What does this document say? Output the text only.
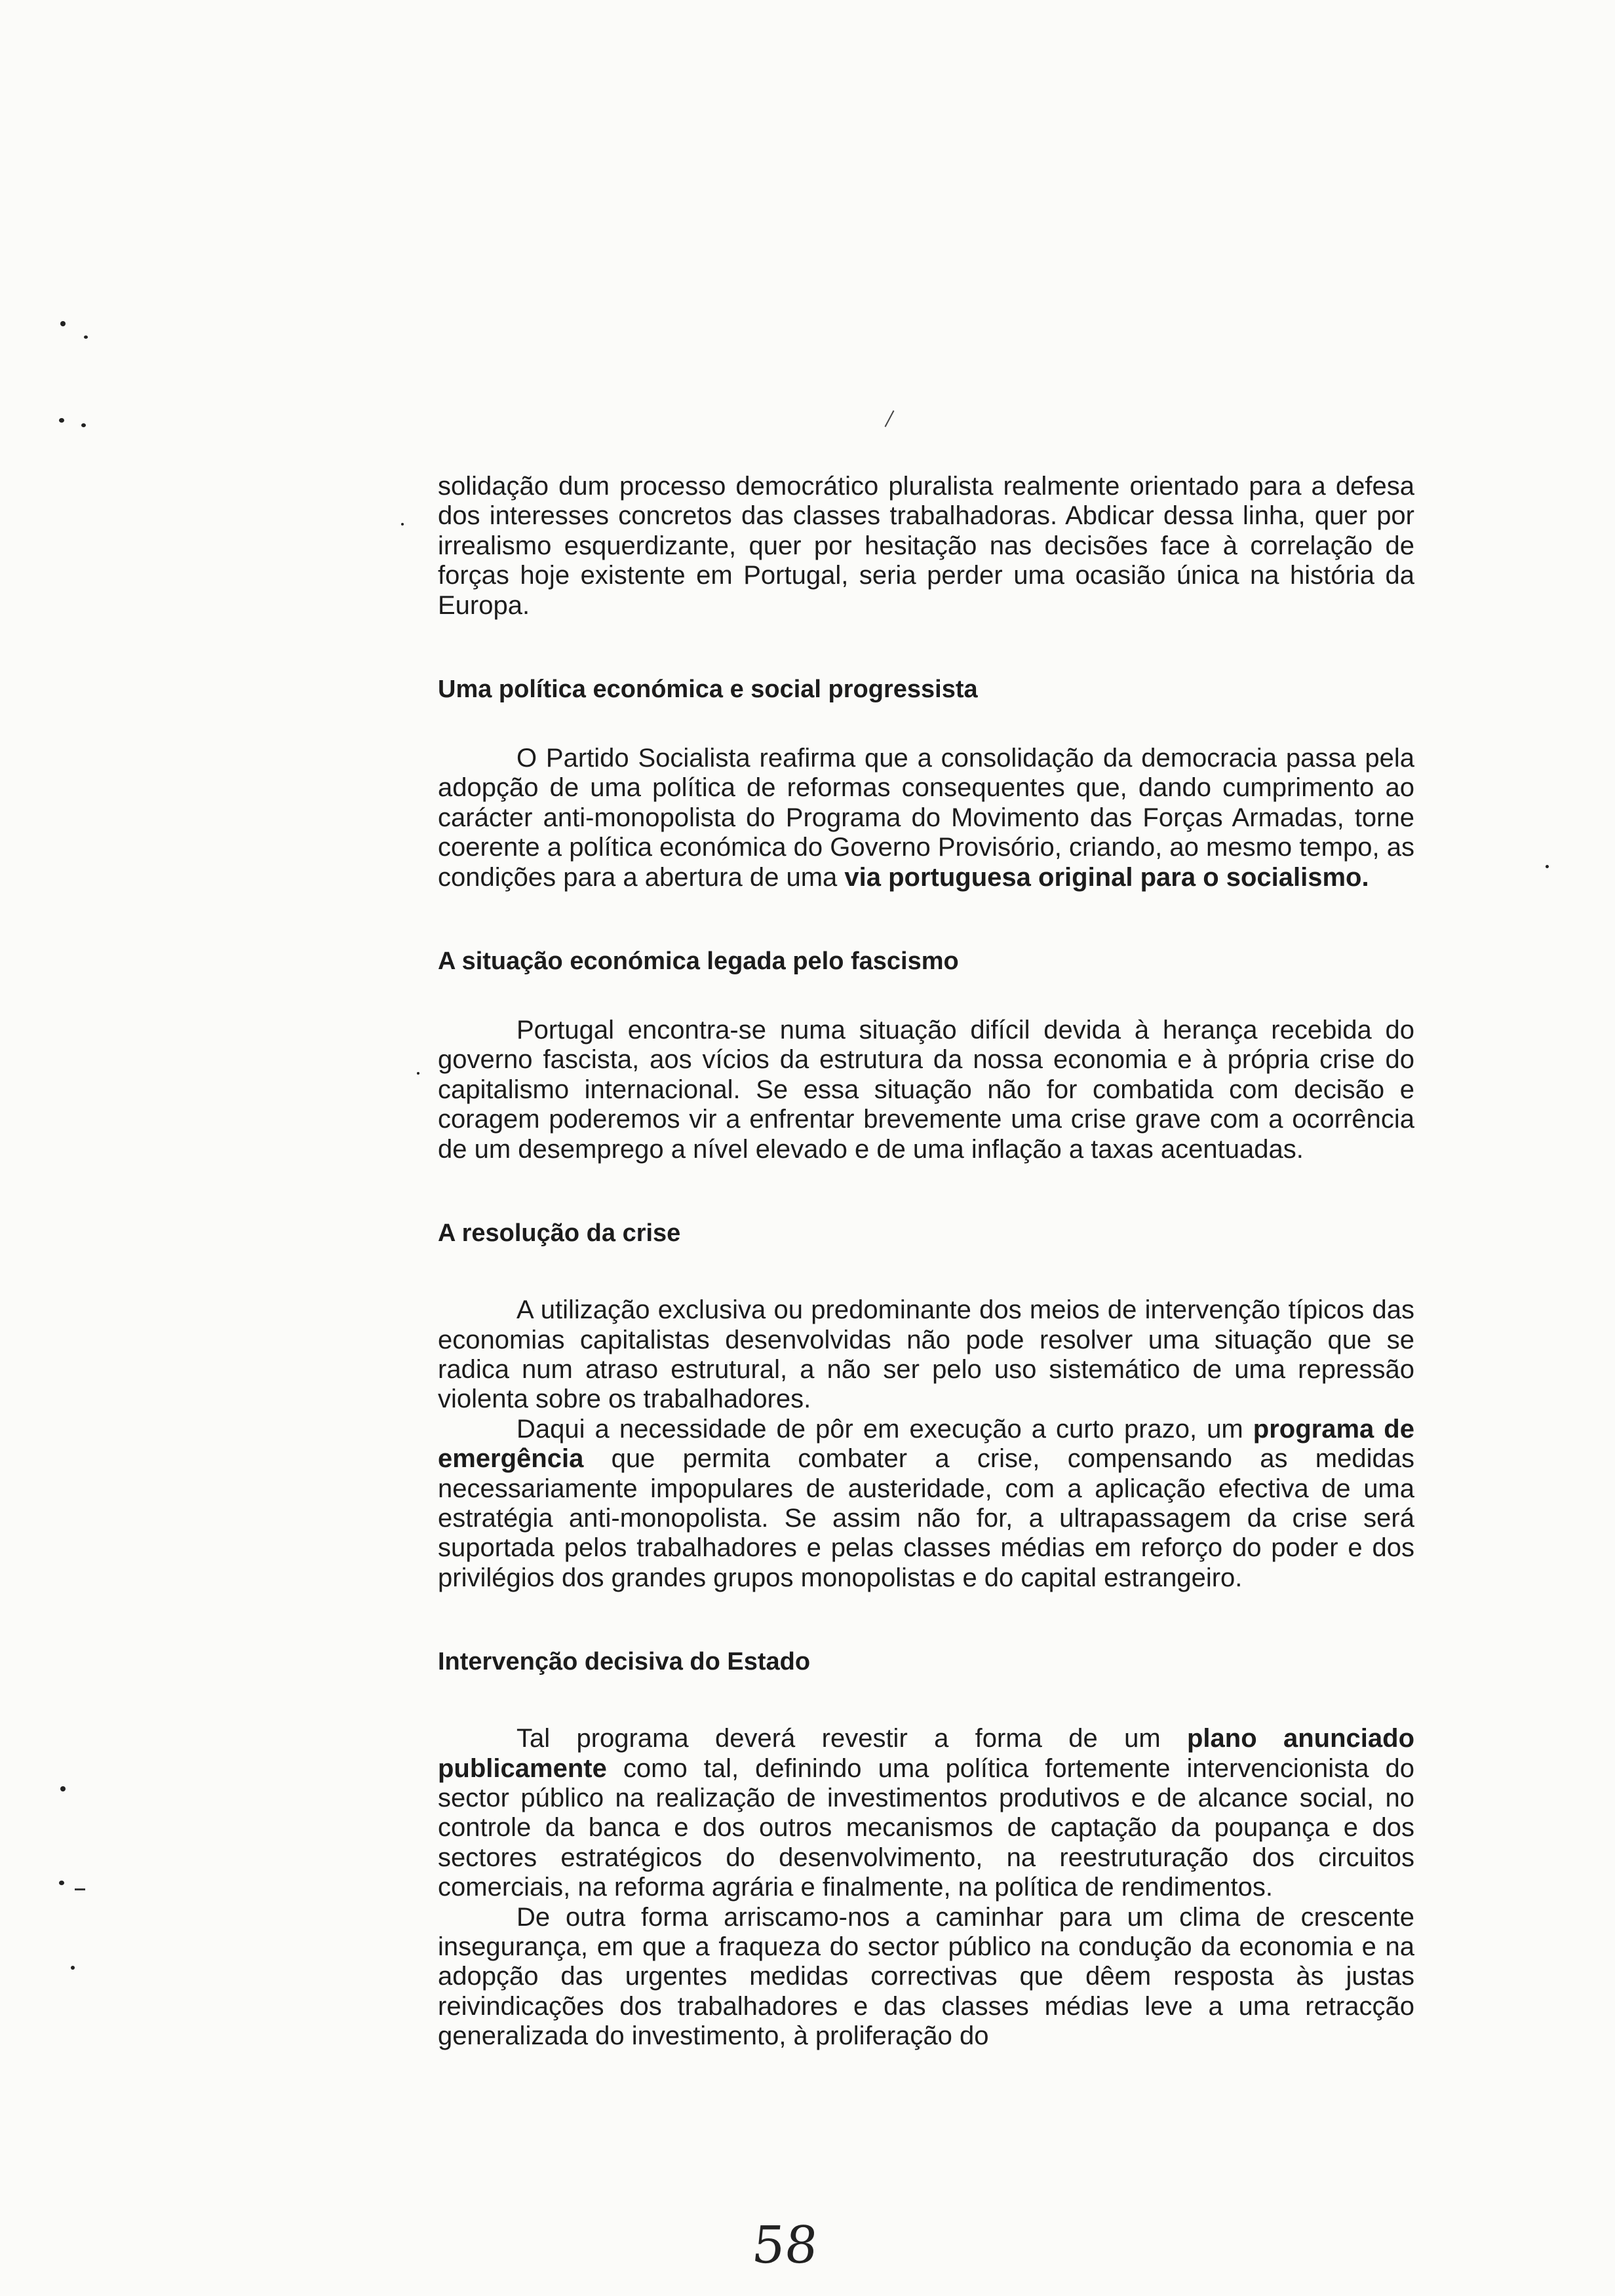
solidação dum processo democrático pluralista realmente orientado para a defesa dos interesses concretos das classes trabalhadoras. Abdicar dessa linha, quer por irrealismo esquerdizante, quer por hesitação nas decisões face à correlação de forças hoje existente em Portugal, seria perder uma ocasião única na história da Europa.

Uma política económica e social progressista

O Partido Socialista reafirma que a consolidação da democracia passa pela adopção de uma política de reformas consequentes que, dando cumprimento ao carácter anti-monopolista do Programa do Movimento das Forças Armadas, torne coerente a política económica do Governo Provisório, criando, ao mesmo tempo, as condições para a abertura de uma via portuguesa original para o socialismo.

A situação económica legada pelo fascismo

Portugal encontra-se numa situação difícil devida à herança recebida do governo fascista, aos vícios da estrutura da nossa economia e à própria crise do capitalismo internacional. Se essa situação não for combatida com decisão e coragem poderemos vir a enfrentar brevemente uma crise grave com a ocorrência de um desemprego a nível elevado e de uma inflação a taxas acentuadas.

A resolução da crise

A utilização exclusiva ou predominante dos meios de intervenção típicos das economias capitalistas desenvolvidas não pode resolver uma situação que se radica num atraso estrutural, a não ser pelo uso sistemático de uma repressão violenta sobre os trabalhadores.

Daqui a necessidade de pôr em execução a curto prazo, um programa de emergência que permita combater a crise, compensando as medidas necessariamente impopulares de austeridade, com a aplicação efectiva de uma estratégia anti-monopolista. Se assim não for, a ultrapassagem da crise será suportada pelos trabalhadores e pelas classes médias em reforço do poder e dos privilégios dos grandes grupos monopolistas e do capital estrangeiro.

Intervenção decisiva do Estado

Tal programa deverá revestir a forma de um plano anunciado publicamente como tal, definindo uma política fortemente intervencionista do sector público na realização de investimentos produtivos e de alcance social, no controle da banca e dos outros mecanismos de captação da poupança e dos sectores estratégicos do desenvolvimento, na reestruturação dos circuitos comerciais, na reforma agrária e finalmente, na política de rendimentos.

De outra forma arriscamo-nos a caminhar para um clima de crescente insegurança, em que a fraqueza do sector público na condução da economia e na adopção das urgentes medidas correctivas que dêem resposta às justas reivindicações dos trabalhadores e das classes médias leve a uma retracção generalizada do investimento, à proliferação do

58
